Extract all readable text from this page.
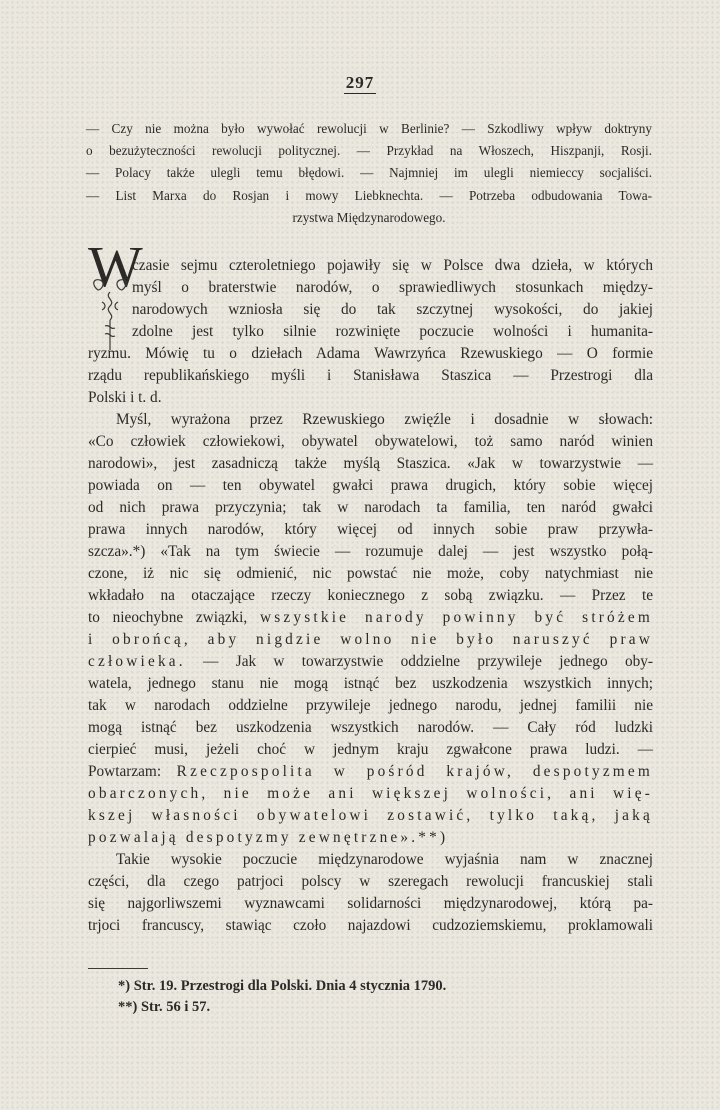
297
— Czy nie można było wywołać rewolucji w Berlinie? — Szkodliwy wpływ doktryny
o bezużyteczności rewolucji politycznej. — Przykład na Włoszech, Hiszpanji, Rosji.
— Polacy także ulegli temu błędowi. — Najmniej im ulegli niemieccy socjaliści.
— List Marxa do Rosjan i mowy Liebknechta. — Potrzeba odbudowania Towa-
rzystwa Międzynarodowego.
W
czasie sejmu czteroletniego pojawiły się w Polsce dwa dzieła, w których
myśl o braterstwie narodów, o sprawiedliwych stosunkach między-
narodowych wzniosła się do tak szczytnej wysokości, do jakiej
zdolne jest tylko silnie rozwinięte poczucie wolności i humanita-
ryzmu. Mówię tu o dziełach Adama Wawrzyńca Rzewuskiego — O formie
rządu republikańskiego myśli i Stanisława Staszica — Przestrogi dla
Polski i t. d.
Myśl, wyrażona przez Rzewuskiego zwięźle i dosadnie w słowach:
«Co człowiek człowiekowi, obywatel obywatelowi, toż samo naród winien
narodowi», jest zasadniczą także myślą Staszica. «Jak w towarzystwie —
powiada on — ten obywatel gwałci prawa drugich, który sobie więcej
od nich prawa przyczynia; tak w narodach ta familia, ten naród gwałci
prawa innych narodów, który więcej od innych sobie praw przywła-
szcza».*) «Tak na tym świecie — rozumuje dalej — jest wszystko połą-
czone, iż nic się odmienić, nic powstać nie może, coby natychmiast nie
wkładało na otaczające rzeczy koniecznego z sobą związku. — Przez te
to nieochybne związki, wszystkie narody powinny być stróżem
i obrońcą, aby nigdzie wolno nie było naruszyć praw
człowieka. — Jak w towarzystwie oddzielne przywileje jednego oby-
watela, jednego stanu nie mogą istnąć bez uszkodzenia wszystkich innych;
tak w narodach oddzielne przywileje jednego narodu, jednej familii nie
mogą istnąć bez uszkodzenia wszystkich narodów. — Cały ród ludzki
cierpieć musi, jeżeli choć w jednym kraju zgwałcone prawa ludzi. —
Powtarzam: Rzeczpospolita w pośród krajów, despotyzmem
obarczonych, nie może ani większej wolności, ani wię-
kszej własności obywatelowi zostawić, tylko taką, jaką
pozwalają despotyzmy zewnętrzne».**)
Takie wysokie poczucie międzynarodowe wyjaśnia nam w znacznej
części, dla czego patrjoci polscy w szeregach rewolucji francuskiej stali
się najgorliwszemi wyznawcami solidarności międzynarodowej, którą pa-
trjoci francuscy, stawiąc czoło najazdowi cudzoziemskiemu, proklamowali
*) Str. 19. Przestrogi dla Polski. Dnia 4 stycznia 1790.
**) Str. 56 i 57.
